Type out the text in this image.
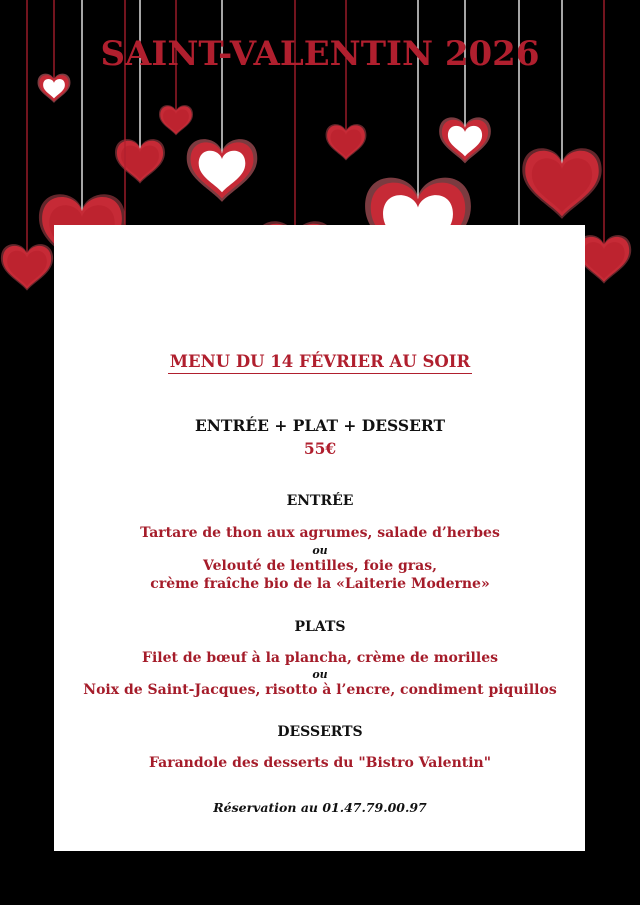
SAINT-VALENTIN 2026
MENU DU 14 FÉVRIER AU SOIR
ENTRÉE + PLAT + DESSERT
55€
ENTRÉE
Tartare de thon aux agrumes, salade d’herbes
ou
Velouté de lentilles, foie gras,
crème fraîche bio de la «Laiterie Moderne»
PLATS
Filet de bœuf à la plancha, crème de morilles
ou
Noix de Saint-Jacques, risotto à l’encre, condiment piquillos
DESSERTS
Farandole des desserts du "Bistro Valentin"
Réservation au 01.47.79.00.97
